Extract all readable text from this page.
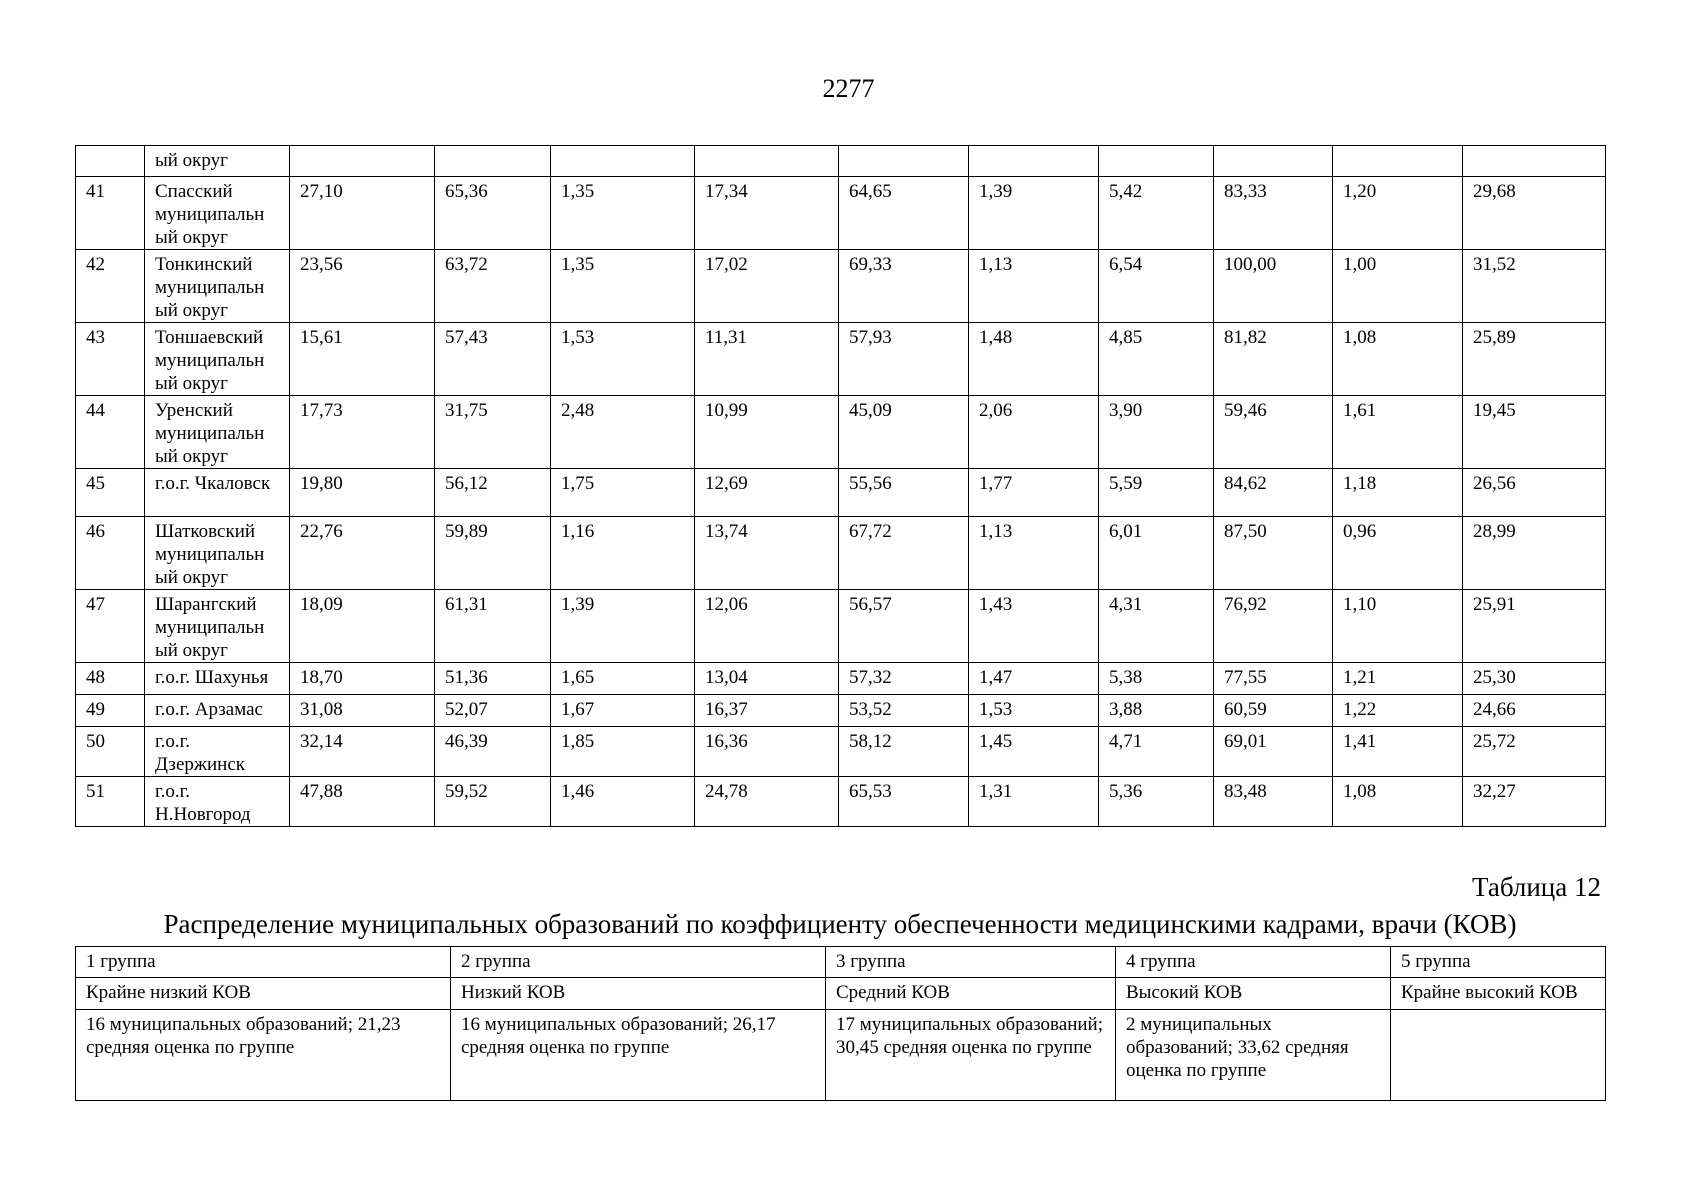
2277
	ый округ										
41	Спасский муниципальн ый округ	27,10	65,36	1,35	17,34	64,65	1,39	5,42	83,33	1,20	29,68
42	Тонкинский муниципальн ый округ	23,56	63,72	1,35	17,02	69,33	1,13	6,54	100,00	1,00	31,52
43	Тоншаевский муниципальн ый округ	15,61	57,43	1,53	11,31	57,93	1,48	4,85	81,82	1,08	25,89
44	Уренский муниципальн ый округ	17,73	31,75	2,48	10,99	45,09	2,06	3,90	59,46	1,61	19,45
45	г.о.г. Чкаловск	19,80	56,12	1,75	12,69	55,56	1,77	5,59	84,62	1,18	26,56
46	Шатковский муниципальн ый округ	22,76	59,89	1,16	13,74	67,72	1,13	6,01	87,50	0,96	28,99
47	Шарангский муниципальн ый округ	18,09	61,31	1,39	12,06	56,57	1,43	4,31	76,92	1,10	25,91
48	г.о.г. Шахунья	18,70	51,36	1,65	13,04	57,32	1,47	5,38	77,55	1,21	25,30
49	г.о.г. Арзамас	31,08	52,07	1,67	16,37	53,52	1,53	3,88	60,59	1,22	24,66
50	г.о.г. Дзержинск	32,14	46,39	1,85	16,36	58,12	1,45	4,71	69,01	1,41	25,72
51	г.о.г. Н.Новгород	47,88	59,52	1,46	24,78	65,53	1,31	5,36	83,48	1,08	32,27
Таблица 12
Распределение муниципальных образований по коэффициенту обеспеченности медицинскими кадрами, врачи (КОВ)
1 группа	2 группа	3 группа	4 группа	5 группа
Крайне низкий КОВ	Низкий КОВ	Средний КОВ	Высокий КОВ	Крайне высокий КОВ
16 муниципальных образований; 21,23 средняя оценка по группе	16 муниципальных образований; 26,17 средняя оценка по группе	17 муниципальных образований; 30,45 средняя оценка по группе	2 муниципальных образований; 33,62 средняя оценка по группе	
